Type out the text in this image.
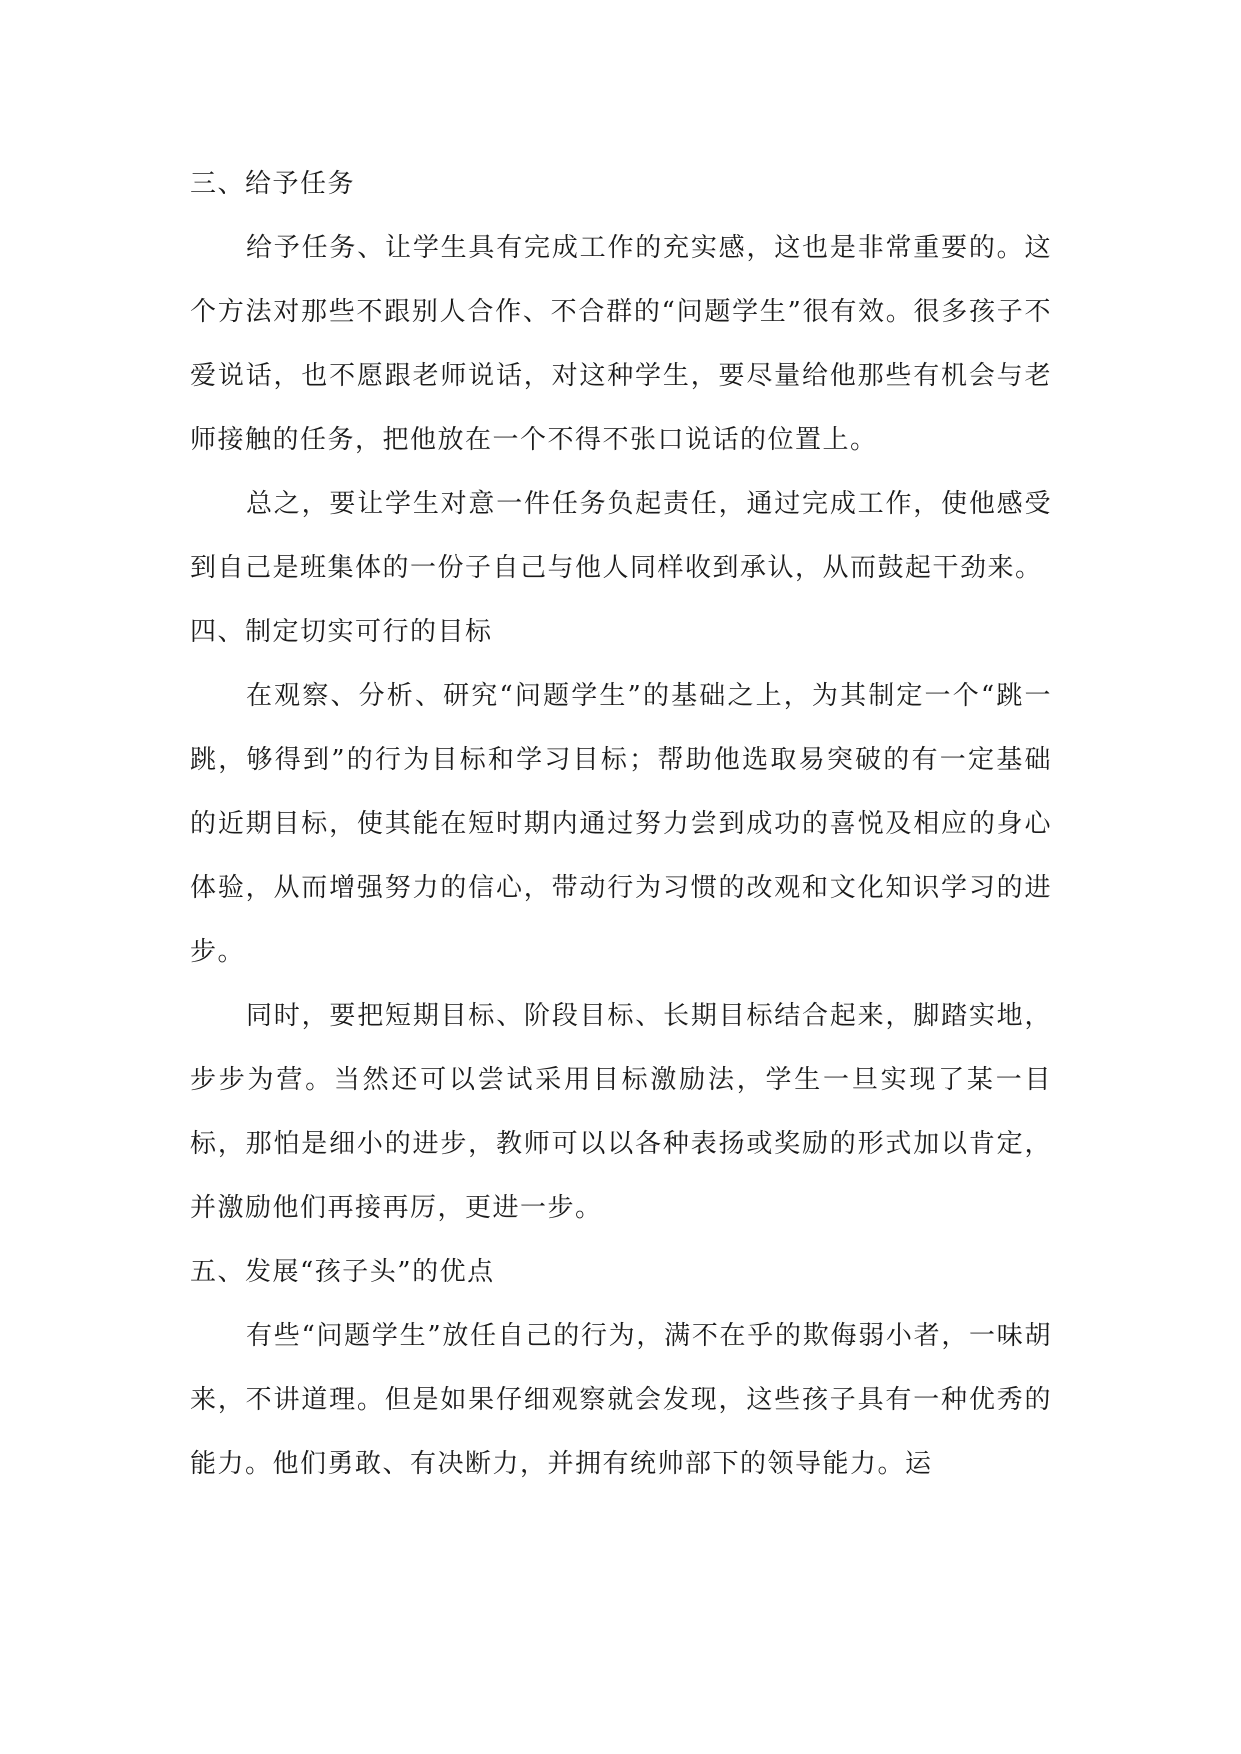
三、给予任务

给予任务、让学生具有完成工作的充实感，这也是非常重要的。这个方法对那些不跟别人合作、不合群的“问题学生”很有效。很多孩子不爱说话，也不愿跟老师说话，对这种学生，要尽量给他那些有机会与老师接触的任务，把他放在一个不得不张口说话的位置上。

总之，要让学生对意一件任务负起责任，通过完成工作，使他感受到自己是班集体的一份子自己与他人同样收到承认，从而鼓起干劲来。

四、制定切实可行的目标

在观察、分析、研究“问题学生”的基础之上，为其制定一个“跳一跳，够得到”的行为目标和学习目标；帮助他选取易突破的有一定基础的近期目标，使其能在短时期内通过努力尝到成功的喜悦及相应的身心体验，从而增强努力的信心，带动行为习惯的改观和文化知识学习的进步。

同时，要把短期目标、阶段目标、长期目标结合起来，脚踏实地，步步为营。当然还可以尝试采用目标激励法，学生一旦实现了某一目标，那怕是细小的进步，教师可以以各种表扬或奖励的形式加以肯定，并激励他们再接再厉，更进一步。

五、发展“孩子头”的优点

有些“问题学生”放任自己的行为，满不在乎的欺侮弱小者，一味胡来，不讲道理。但是如果仔细观察就会发现，这些孩子具有一种优秀的能力。他们勇敢、有决断力，并拥有统帅部下的领导能力。运
